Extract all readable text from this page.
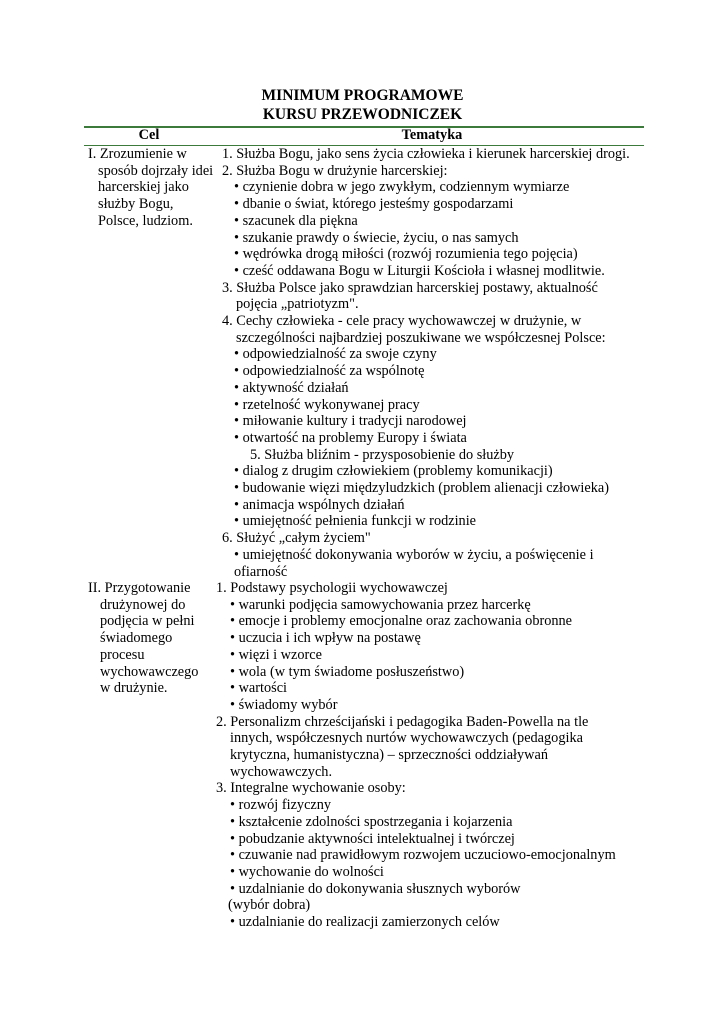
MINIMUM PROGRAMOWE
KURSU PRZEWODNICZEK
Cel	Tematyka
I. Zrozumienie w
sposób dojrzały idei
harcerskiej jako
służby Bogu,
Polsce, ludziom.
1. Służba Bogu, jako sens życia człowieka i kierunek harcerskiej drogi.
2. Służba Bogu w drużynie harcerskiej:
• czynienie dobra w jego zwykłym, codziennym wymiarze
• dbanie o świat, którego jesteśmy gospodarzami
• szacunek dla piękna
• szukanie prawdy o świecie, życiu, o nas samych
• wędrówka drogą miłości (rozwój rozumienia tego pojęcia)
• cześć oddawana Bogu w Liturgii Kościoła i własnej modlitwie.
3. Służba Polsce jako sprawdzian harcerskiej postawy, aktualność
pojęcia „patriotyzm".
4. Cechy człowieka - cele pracy wychowawczej w drużynie, w
szczególności najbardziej poszukiwane we współczesnej Polsce:
• odpowiedzialność za swoje czyny
• odpowiedzialność za wspólnotę
• aktywność działań
• rzetelność wykonywanej pracy
• miłowanie kultury i tradycji narodowej
• otwartość na problemy Europy i świata
5. Służba bliźnim - przysposobienie do służby
• dialog z drugim człowiekiem (problemy komunikacji)
• budowanie więzi międzyludzkich (problem alienacji człowieka)
• animacja wspólnych działań
• umiejętność pełnienia funkcji w rodzinie
6. Służyć „całym życiem"
• umiejętność dokonywania wyborów w życiu, a poświęcenie i
ofiarność
II. Przygotowanie
drużynowej do
podjęcia w pełni
świadomego
procesu
wychowawczego
w drużynie.
1. Podstawy psychologii wychowawczej
• warunki podjęcia samowychowania przez harcerkę
• emocje i problemy emocjonalne oraz zachowania obronne
• uczucia i ich wpływ na postawę
• więzi i wzorce
• wola (w tym świadome posłuszeństwo)
• wartości
• świadomy wybór
2. Personalizm chrześcijański i pedagogika Baden-Powella na tle
innych, współczesnych nurtów wychowawczych (pedagogika
krytyczna, humanistyczna) – sprzeczności oddziaływań
wychowawczych.
3. Integralne wychowanie osoby:
• rozwój fizyczny
• kształcenie zdolności spostrzegania i kojarzenia
• pobudzanie aktywności intelektualnej i twórczej
• czuwanie nad prawidłowym rozwojem uczuciowo-emocjonalnym
• wychowanie do wolności
• uzdalnianie do dokonywania słusznych wyborów
(wybór dobra)
• uzdalnianie do realizacji zamierzonych celów
